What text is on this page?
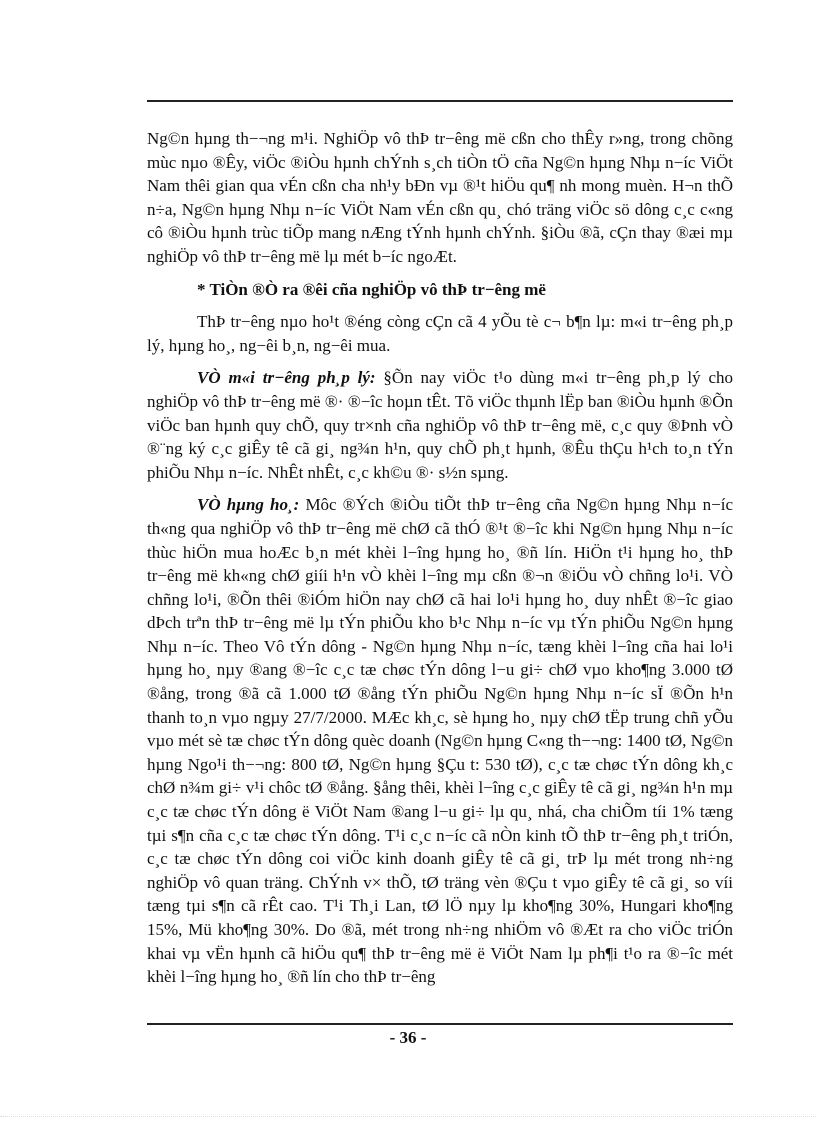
Ng©n hµng th−¬ng m¹i. NghiÖp vô thÞ tr−êng më cßn cho thÊy r»ng, trong chõng mùc nµo ®Êy, viÖc ®iÒu hµnh chÝnh s¸ch tiÒn tÖ cña Ng©n hµng Nhµ n−íc ViÖt Nam thêi gian qua vÉn cßn cha nh¹y bÐn vµ ®¹t hiÖu qu¶ nh mong muèn. H¬n thÕ n÷a, Ng©n hµng Nhµ n−íc ViÖt Nam vÉn cßn qu¸ chó träng viÖc sö dông c¸c c«ng cô ®iÒu hµnh trùc tiÕp mang nÆng tÝnh hµnh chÝnh. §iÒu ®ã, cÇn thay ®æi mµ nghiÖp vô thÞ tr−êng më lµ mét b−íc ngoÆt.

* TiÒn ®Ò ra ®êi cña nghiÖp vô thÞ tr−êng më

ThÞ tr−êng nµo ho¹t ®éng còng cÇn cã 4 yÕu tè c¬ b¶n lµ: m«i tr−êng ph¸p lý, hµng ho¸, ng−êi b¸n, ng−êi mua.

VÒ m«i tr−êng ph¸p lý: §Õn nay viÖc t¹o dùng m«i tr−êng ph¸p lý cho nghiÖp vô thÞ tr−êng më ®· ®−îc hoµn tÊt. Tõ viÖc thµnh lËp ban ®iÒu hµnh ®Õn viÖc ban hµnh quy chÕ, quy tr×nh cña nghiÖp vô thÞ tr−êng më, c¸c quy ®Þnh vÒ ®¨ng ký c¸c giÊy tê cã gi¸ ng¾n h¹n, quy chÕ ph¸t hµnh, ®Êu thÇu h¹ch to¸n tÝn phiÕu Nhµ n−íc. NhÊt nhÊt, c¸c kh©u ®· s½n sµng.

VÒ hµng ho¸: Môc ®Ých ®iÒu tiÕt thÞ tr−êng cña Ng©n hµng Nhµ n−íc th«ng qua nghiÖp vô thÞ tr−êng më chØ cã thÓ ®¹t ®−îc khi Ng©n hµng Nhµ n−íc thùc hiÖn mua hoÆc b¸n mét khèi l−îng hµng ho¸ ®ñ lín. HiÖn t¹i hµng ho¸ thÞ tr−êng më kh«ng chØ giíi h¹n vÒ khèi l−îng mµ cßn ®¬n ®iÖu vÒ chñng lo¹i. VÒ chñng lo¹i, ®Õn thêi ®iÓm hiÖn nay chØ cã hai lo¹i hµng ho¸ duy nhÊt ®−îc giao dÞch trªn thÞ tr−êng më lµ tÝn phiÕu kho b¹c Nhµ n−íc vµ tÝn phiÕu Ng©n hµng Nhµ n−íc. Theo Vô tÝn dông - Ng©n hµng Nhµ n−íc, tæng khèi l−îng cña hai lo¹i hµng ho¸ nµy ®ang ®−îc c¸c tæ chøc tÝn dông l−u gi÷ chØ vµo kho¶ng 3.000 tØ ®ång, trong ®ã cã 1.000 tØ ®ång tÝn phiÕu Ng©n hµng Nhµ n−íc sÏ ®Õn h¹n thanh to¸n vµo ngµy 27/7/2000. MÆc kh¸c, sè hµng ho¸ nµy chØ tËp trung chñ yÕu vµo mét sè tæ chøc tÝn dông quèc doanh (Ng©n hµng C«ng th−¬ng: 1400 tØ, Ng©n hµng Ngo¹i th−¬ng: 800 tØ, Ng©n hµng §Çu t: 530 tØ), c¸c tæ chøc tÝn dông kh¸c chØ n¾m gi÷ v¹i chôc tØ ®ång. §ång thêi, khèi l−îng c¸c giÊy tê cã gi¸ ng¾n h¹n mµ c¸c tæ chøc tÝn dông ë ViÖt Nam ®ang l−u gi÷ lµ qu¸ nhá, cha chiÕm tíi 1% tæng tµi s¶n cña c¸c tæ chøc tÝn dông. T¹i c¸c n−íc cã nÒn kinh tÕ thÞ tr−êng ph¸t triÓn, c¸c tæ chøc tÝn dông coi viÖc kinh doanh giÊy tê cã gi¸ trÞ lµ mét trong nh÷ng nghiÖp vô quan träng. ChÝnh v× thÕ, tØ träng vèn ®Çu t vµo giÊy tê cã gi¸ so víi tæng tµi s¶n cã rÊt cao. T¹i Th¸i Lan, tØ lÖ nµy lµ kho¶ng 30%, Hungari kho¶ng 15%, Mü kho¶ng 30%. Do ®ã, mét trong nh÷ng nhiÖm vô ®Æt ra cho viÖc triÓn khai vµ vËn hµnh cã hiÖu qu¶ thÞ tr−êng më ë ViÖt Nam lµ ph¶i t¹o ra ®−îc mét khèi l−îng hµng ho¸ ®ñ lín cho thÞ tr−êng

- 36 -
